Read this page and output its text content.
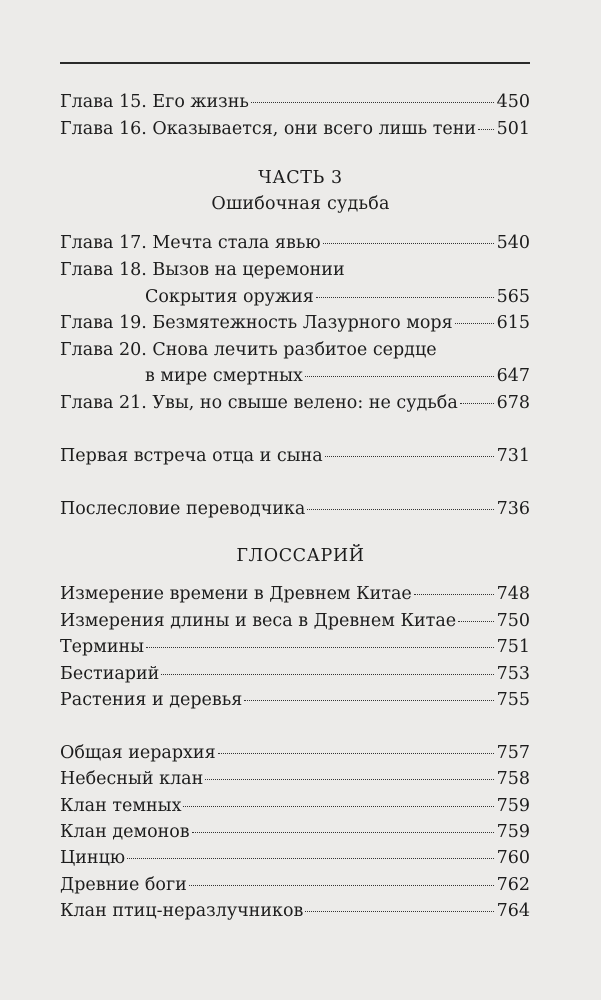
Глава 15. Его жизнь	450
Глава 16. Оказывается, они всего лишь тени 501
ЧАСТЬ 3
Ошибочная судьба
Глава 17. Мечта стала явью	540
Глава 18. Вызов на церемонии
Сокрытия оружия	565
Глава 19. Безмятежность Лазурного моря	615
Глава 20. Снова лечить разбитое сердце
в мире смертных	647
Глава 21. Увы, но свыше велено: не судьба 678
Первая встреча отца и сына	731
Послесловие переводчика	736
ГЛОССАРИЙ
Измерение времени в Древнем Китае	748
Измерения длины и веса в Древнем Китае 750
Термины	751
Бестиарий	753
Растения и деревья	755
Общая иерархия	757
Небесный клан	758
Клан темных	759
Клан демонов	759
Цинцю	760
Древние боги	762
Клан птиц-неразлучников	764
